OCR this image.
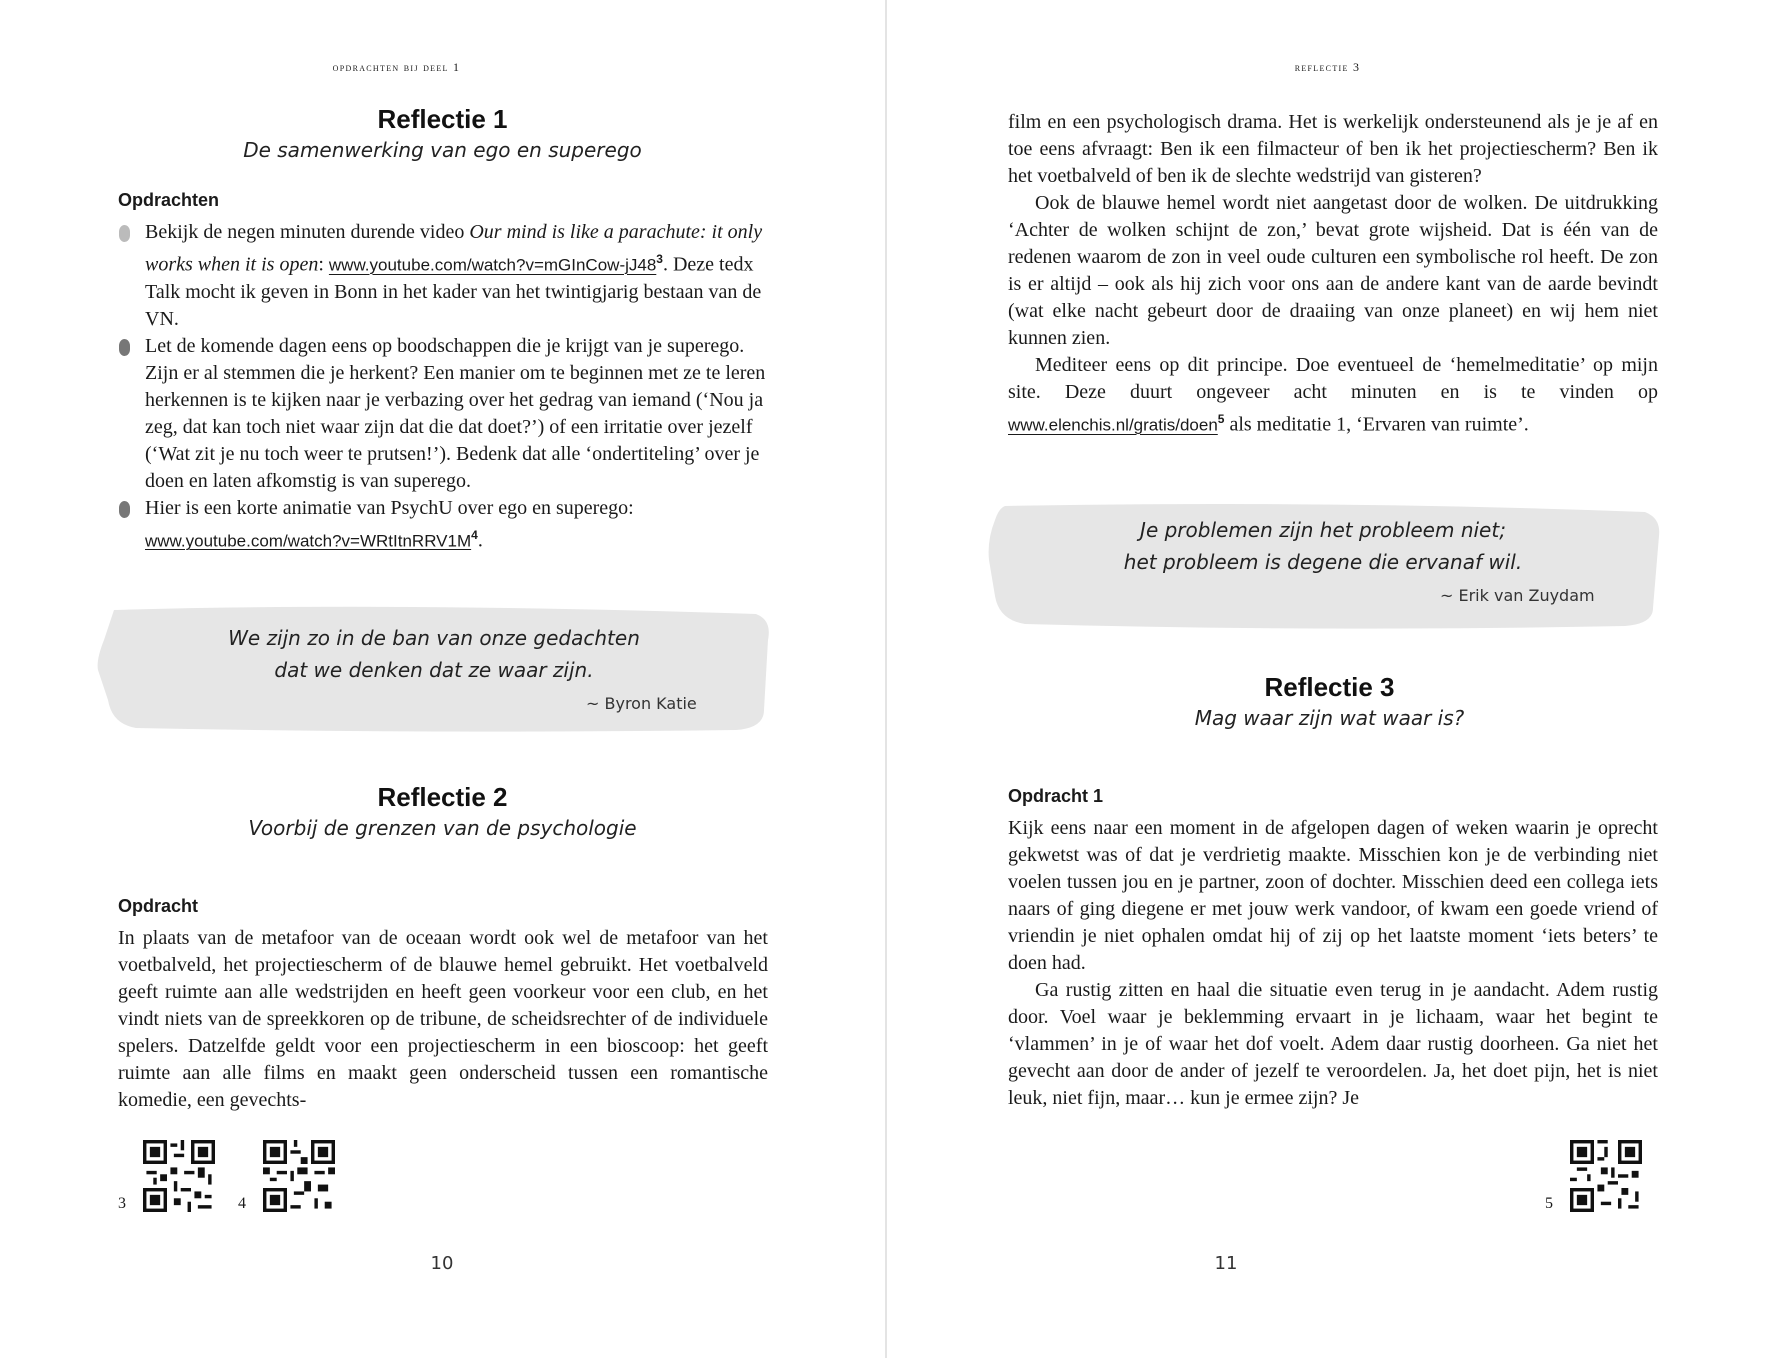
opdrachten bij deel 1
Reflectie 1
De samenwerking van ego en superego
Opdrachten
Bekijk de negen minuten durende video Our mind is like a parachute: it only works when it is open: $www.youtube.com/watch?v=mGInCow-jJ48^3$. Deze tedx Talk mocht ik geven in Bonn in het kader van het twintigjarig bestaan van de VN.
Let de komende dagen eens op boodschappen die je krijgt van je superego. Zijn er al stemmen die je herkent? Een manier om te beginnen met ze te leren herkennen is te kijken naar je verbazing over het gedrag van iemand (‘Nou ja zeg, dat kan toch niet waar zijn dat die dat doet?’) of een irritatie over jezelf (‘Wat zit je nu toch weer te prutsen!’). Bedenk dat alle ‘ondertiteling’ over je doen en laten afkomstig is van superego.
Hier is een korte animatie van PsychU over ego en superego: $www.youtube.com/watch?v=WRtItnRRV1M^4$.
We zijn zo in de ban van onze gedachten
dat we denken dat ze waar zijn.
~ Byron Katie
Reflectie 2
Voorbij de grenzen van de psychologie
Opdracht

In plaats van de metafoor van de oceaan wordt ook wel de metafoor van het voetbalveld, het projectiescherm of de blauwe hemel gebruikt. Het voetbalveld geeft ruimte aan alle wedstrijden en heeft geen voorkeur voor een club, en het vindt niets van de spreekkoren op de tribune, de scheidsrechter of de individuele spelers. Datzelfde geldt voor een projectiescherm in een bioscoop: het geeft ruimte aan alle films en maakt geen onderscheid tussen een romantische komedie, een gevechts-

3	4
10
reflectie 3

film en een psychologisch drama. Het is werkelijk ondersteunend als je je af en toe eens afvraagt: Ben ik een filmacteur of ben ik het projectiescherm? Ben ik het voetbalveld of ben ik de slechte wedstrijd van gisteren?

Ook de blauwe hemel wordt niet aangetast door de wolken. De uitdrukking ‘Achter de wolken schijnt de zon,’ bevat grote wijsheid. Dat is één van de redenen waarom de zon in veel oude culturen een symbolische rol heeft. De zon is er altijd – ook als hij zich voor ons aan de andere kant van de aarde bevindt (wat elke nacht gebeurt door de draaiing van onze planeet) en wij hem niet kunnen zien.

Mediteer eens op dit principe. Doe eventueel de ‘hemelmeditatie’ op mijn site. Deze duurt ongeveer acht minuten en is te vinden op www.elenchis.nl/gratis/doen$^5$ als meditatie 1, ‘Ervaren van ruimte’.

Je problemen zijn het probleem niet;
het probleem is degene die ervanaf wil.
~ Erik van Zuydam
Reflectie 3
Mag waar zijn wat waar is?
Opdracht 1

Kijk eens naar een moment in de afgelopen dagen of weken waarin je oprecht gekwetst was of dat je verdrietig maakte. Misschien kon je de verbinding niet voelen tussen jou en je partner, zoon of dochter. Misschien deed een collega iets naars of ging diegene er met jouw werk vandoor, of kwam een goede vriend of vriendin je niet ophalen omdat hij of zij op het laatste moment ‘iets beters’ te doen had.

Ga rustig zitten en haal die situatie even terug in je aandacht. Adem rustig door. Voel waar je beklemming ervaart in je lichaam, waar het begint te ‘vlammen’ in je of waar het dof voelt. Adem daar rustig doorheen. Ga niet het gevecht aan door de ander of jezelf te veroordelen. Ja, het doet pijn, het is niet leuk, niet fijn, maar… kun je ermee zijn? Je

5
11
